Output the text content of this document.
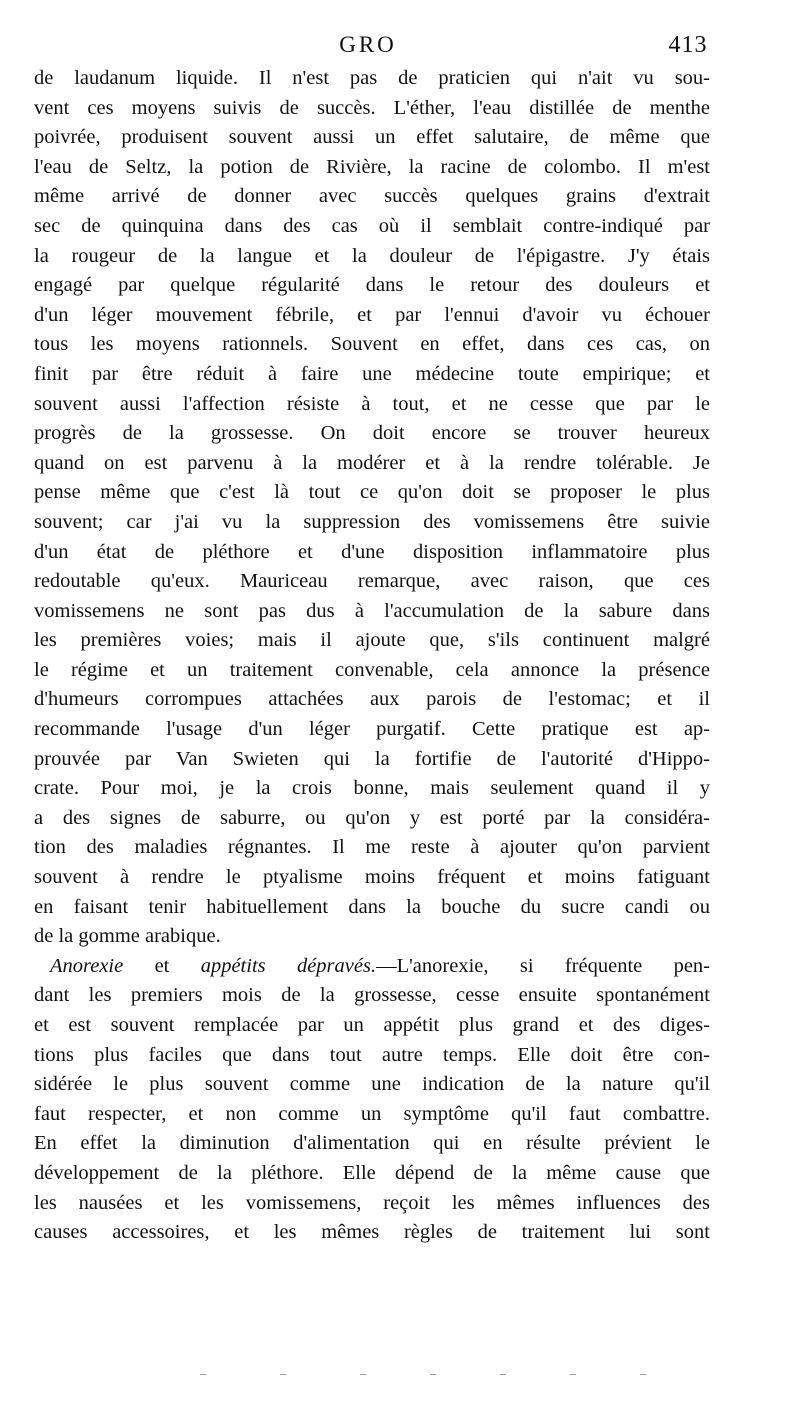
GRO	413
de laudanum liquide. Il n'est pas de praticien qui n'ait vu sou-
vent ces moyens suivis de succès. L'éther, l'eau distillée de menthe
poivrée, produisent souvent aussi un effet salutaire, de même que
l'eau de Seltz, la potion de Rivière, la racine de colombo. Il m'est
même arrivé de donner avec succès quelques grains d'extrait
sec de quinquina dans des cas où il semblait contre-indiqué par
la rougeur de la langue et la douleur de l'épigastre. J'y étais
engagé par quelque régularité dans le retour des douleurs et
d'un léger mouvement fébrile, et par l'ennui d'avoir vu échouer
tous les moyens rationnels. Souvent en effet, dans ces cas, on
finit par être réduit à faire une médecine toute empirique; et
souvent aussi l'affection résiste à tout, et ne cesse que par le
progrès de la grossesse. On doit encore se trouver heureux
quand on est parvenu à la modérer et à la rendre tolérable. Je
pense même que c'est là tout ce qu'on doit se proposer le plus
souvent; car j'ai vu la suppression des vomissemens être suivie
d'un état de pléthore et d'une disposition inflammatoire plus
redoutable qu'eux. Mauriceau remarque, avec raison, que ces
vomissemens ne sont pas dus à l'accumulation de la sabure dans
les premières voies; mais il ajoute que, s'ils continuent malgré
le régime et un traitement convenable, cela annonce la présence
d'humeurs corrompues attachées aux parois de l'estomac; et il
recommande l'usage d'un léger purgatif. Cette pratique est ap-
prouvée par Van Swieten qui la fortifie de l'autorité d'Hippo-
crate. Pour moi, je la crois bonne, mais seulement quand il y
a des signes de saburre, ou qu'on y est porté par la considéra-
tion des maladies régnantes. Il me reste à ajouter qu'on parvient
souvent à rendre le ptyalisme moins fréquent et moins fatiguant
en faisant tenir habituellement dans la bouche du sucre candi ou
de la gomme arabique.
Anorexie et appétits dépravés.—L'anorexie, si fréquente pen-
dant les premiers mois de la grossesse, cesse ensuite spontanément
et est souvent remplacée par un appétit plus grand et des diges-
tions plus faciles que dans tout autre temps. Elle doit être con-
sidérée le plus souvent comme une indication de la nature qu'il
faut respecter, et non comme un symptôme qu'il faut combattre.
En effet la diminution d'alimentation qui en résulte prévient le
développement de la pléthore. Elle dépend de la même cause que
les nausées et les vomissemens, reçoit les mêmes influences des
causes accessoires, et les mêmes règles de traitement lui sont
